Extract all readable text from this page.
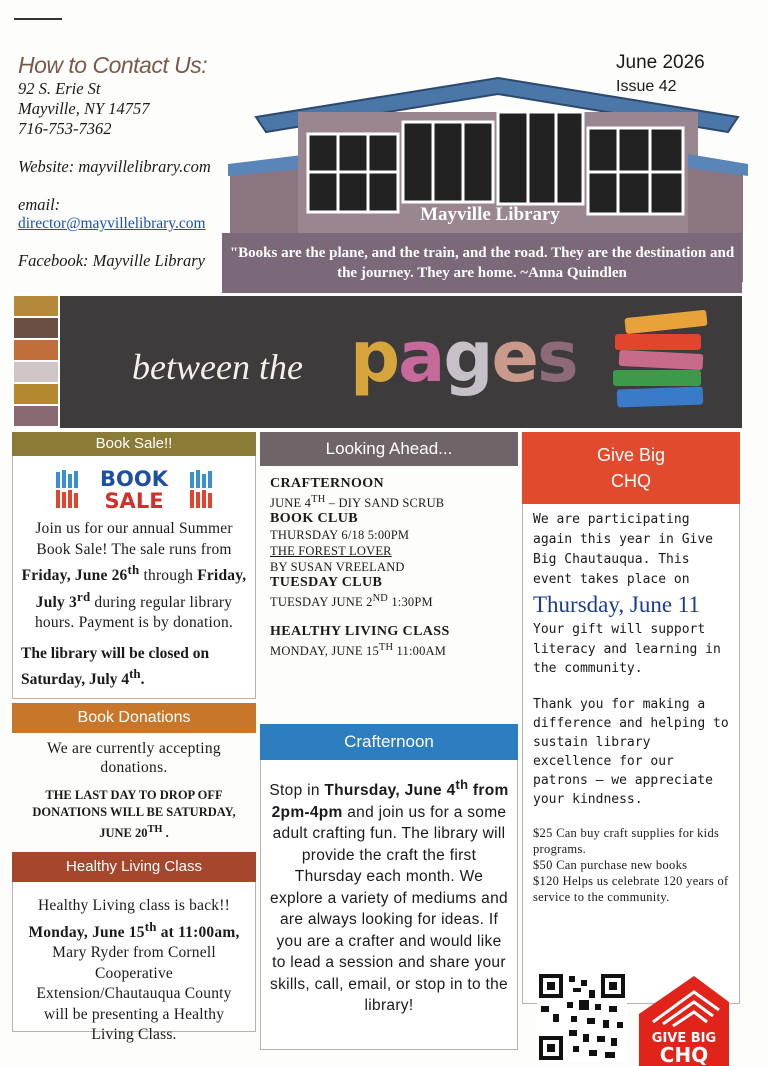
How to Contact Us:
92 S. Erie St
Mayville, NY 14757
716-753-7362
Website: mayvillelibrary.com
email:
director@mayvillelibrary.com
Facebook: Mayville Library
June 2026
Issue 42
Mayville Library
"Books are the plane, and the train, and the road. They are the destination and the journey. They are home. ~Anna Quindlen
between the pages
Book Sale!!
BOOK
SALE
Join us for our annual Summer Book Sale! The sale runs from Friday, June 26th through Friday, July 3rd during regular library hours. Payment is by donation.
The library will be closed on Saturday, July 4th.
Book Donations
We are currently accepting donations.
THE LAST DAY TO DROP OFF DONATIONS WILL BE SATURDAY, JUNE 20TH .
Healthy Living Class
Healthy Living class is back!! Monday, June 15th at 11:00am, Mary Ryder from Cornell Cooperative Extension/Chautauqua County will be presenting a Healthy Living Class.
Looking Ahead...
CRAFTERNOON
JUNE 4TH – DIY SAND SCRUB
BOOK CLUB
THURSDAY 6/18 5:00PM
THE FOREST LOVER
BY SUSAN VREELAND
TUESDAY CLUB
TUESDAY JUNE 2ND 1:30PM
HEALTHY LIVING CLASS
MONDAY, JUNE 15TH 11:00AM
Crafternoon
Stop in Thursday, June 4th from 2pm-4pm and join us for a some adult crafting fun. The library will provide the craft the first Thursday each month. We explore a variety of mediums and are always looking for ideas. If you are a crafter and would like to lead a session and share your skills, call, email, or stop in to the library!
Give Big
CHQ
We are participating again this year in Give Big Chautauqua. This event takes place on
Thursday, June 11
Your gift will support literacy and learning in the community.
Thank you for making a difference and helping to sustain library excellence for our patrons – we appreciate your kindness.
$25 Can buy craft supplies for kids programs.
$50 Can purchase new books
$120 Helps us celebrate 120 years of service to the community.
GIVE BIG
CHQ
